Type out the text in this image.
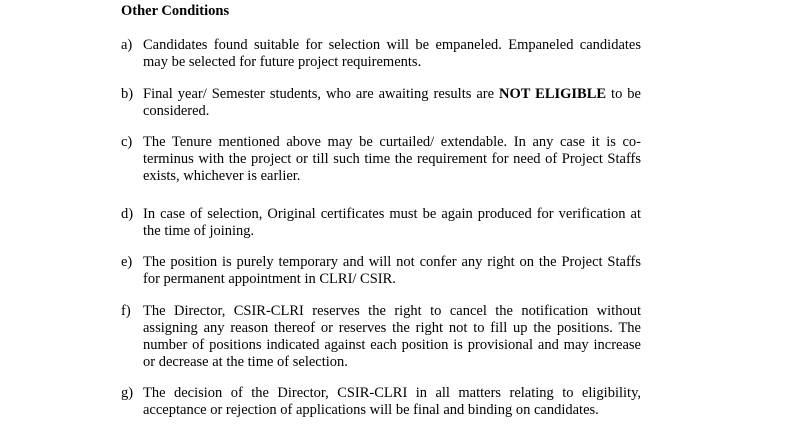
Other Conditions
a) Candidates found suitable for selection will be empaneled. Empaneled candidates may be selected for future project requirements.
b) Final year/ Semester students, who are awaiting results are NOT ELIGIBLE to be considered.
c) The Tenure mentioned above may be curtailed/ extendable. In any case it is co-terminus with the project or till such time the requirement for need of Project Staffs exists, whichever is earlier.
d) In case of selection, Original certificates must be again produced for verification at the time of joining.
e) The position is purely temporary and will not confer any right on the Project Staffs for permanent appointment in CLRI/ CSIR.
f) The Director, CSIR-CLRI reserves the right to cancel the notification without assigning any reason thereof or reserves the right not to fill up the positions. The number of positions indicated against each position is provisional and may increase or decrease at the time of selection.
g) The decision of the Director, CSIR-CLRI in all matters relating to eligibility, acceptance or rejection of applications will be final and binding on candidates.
